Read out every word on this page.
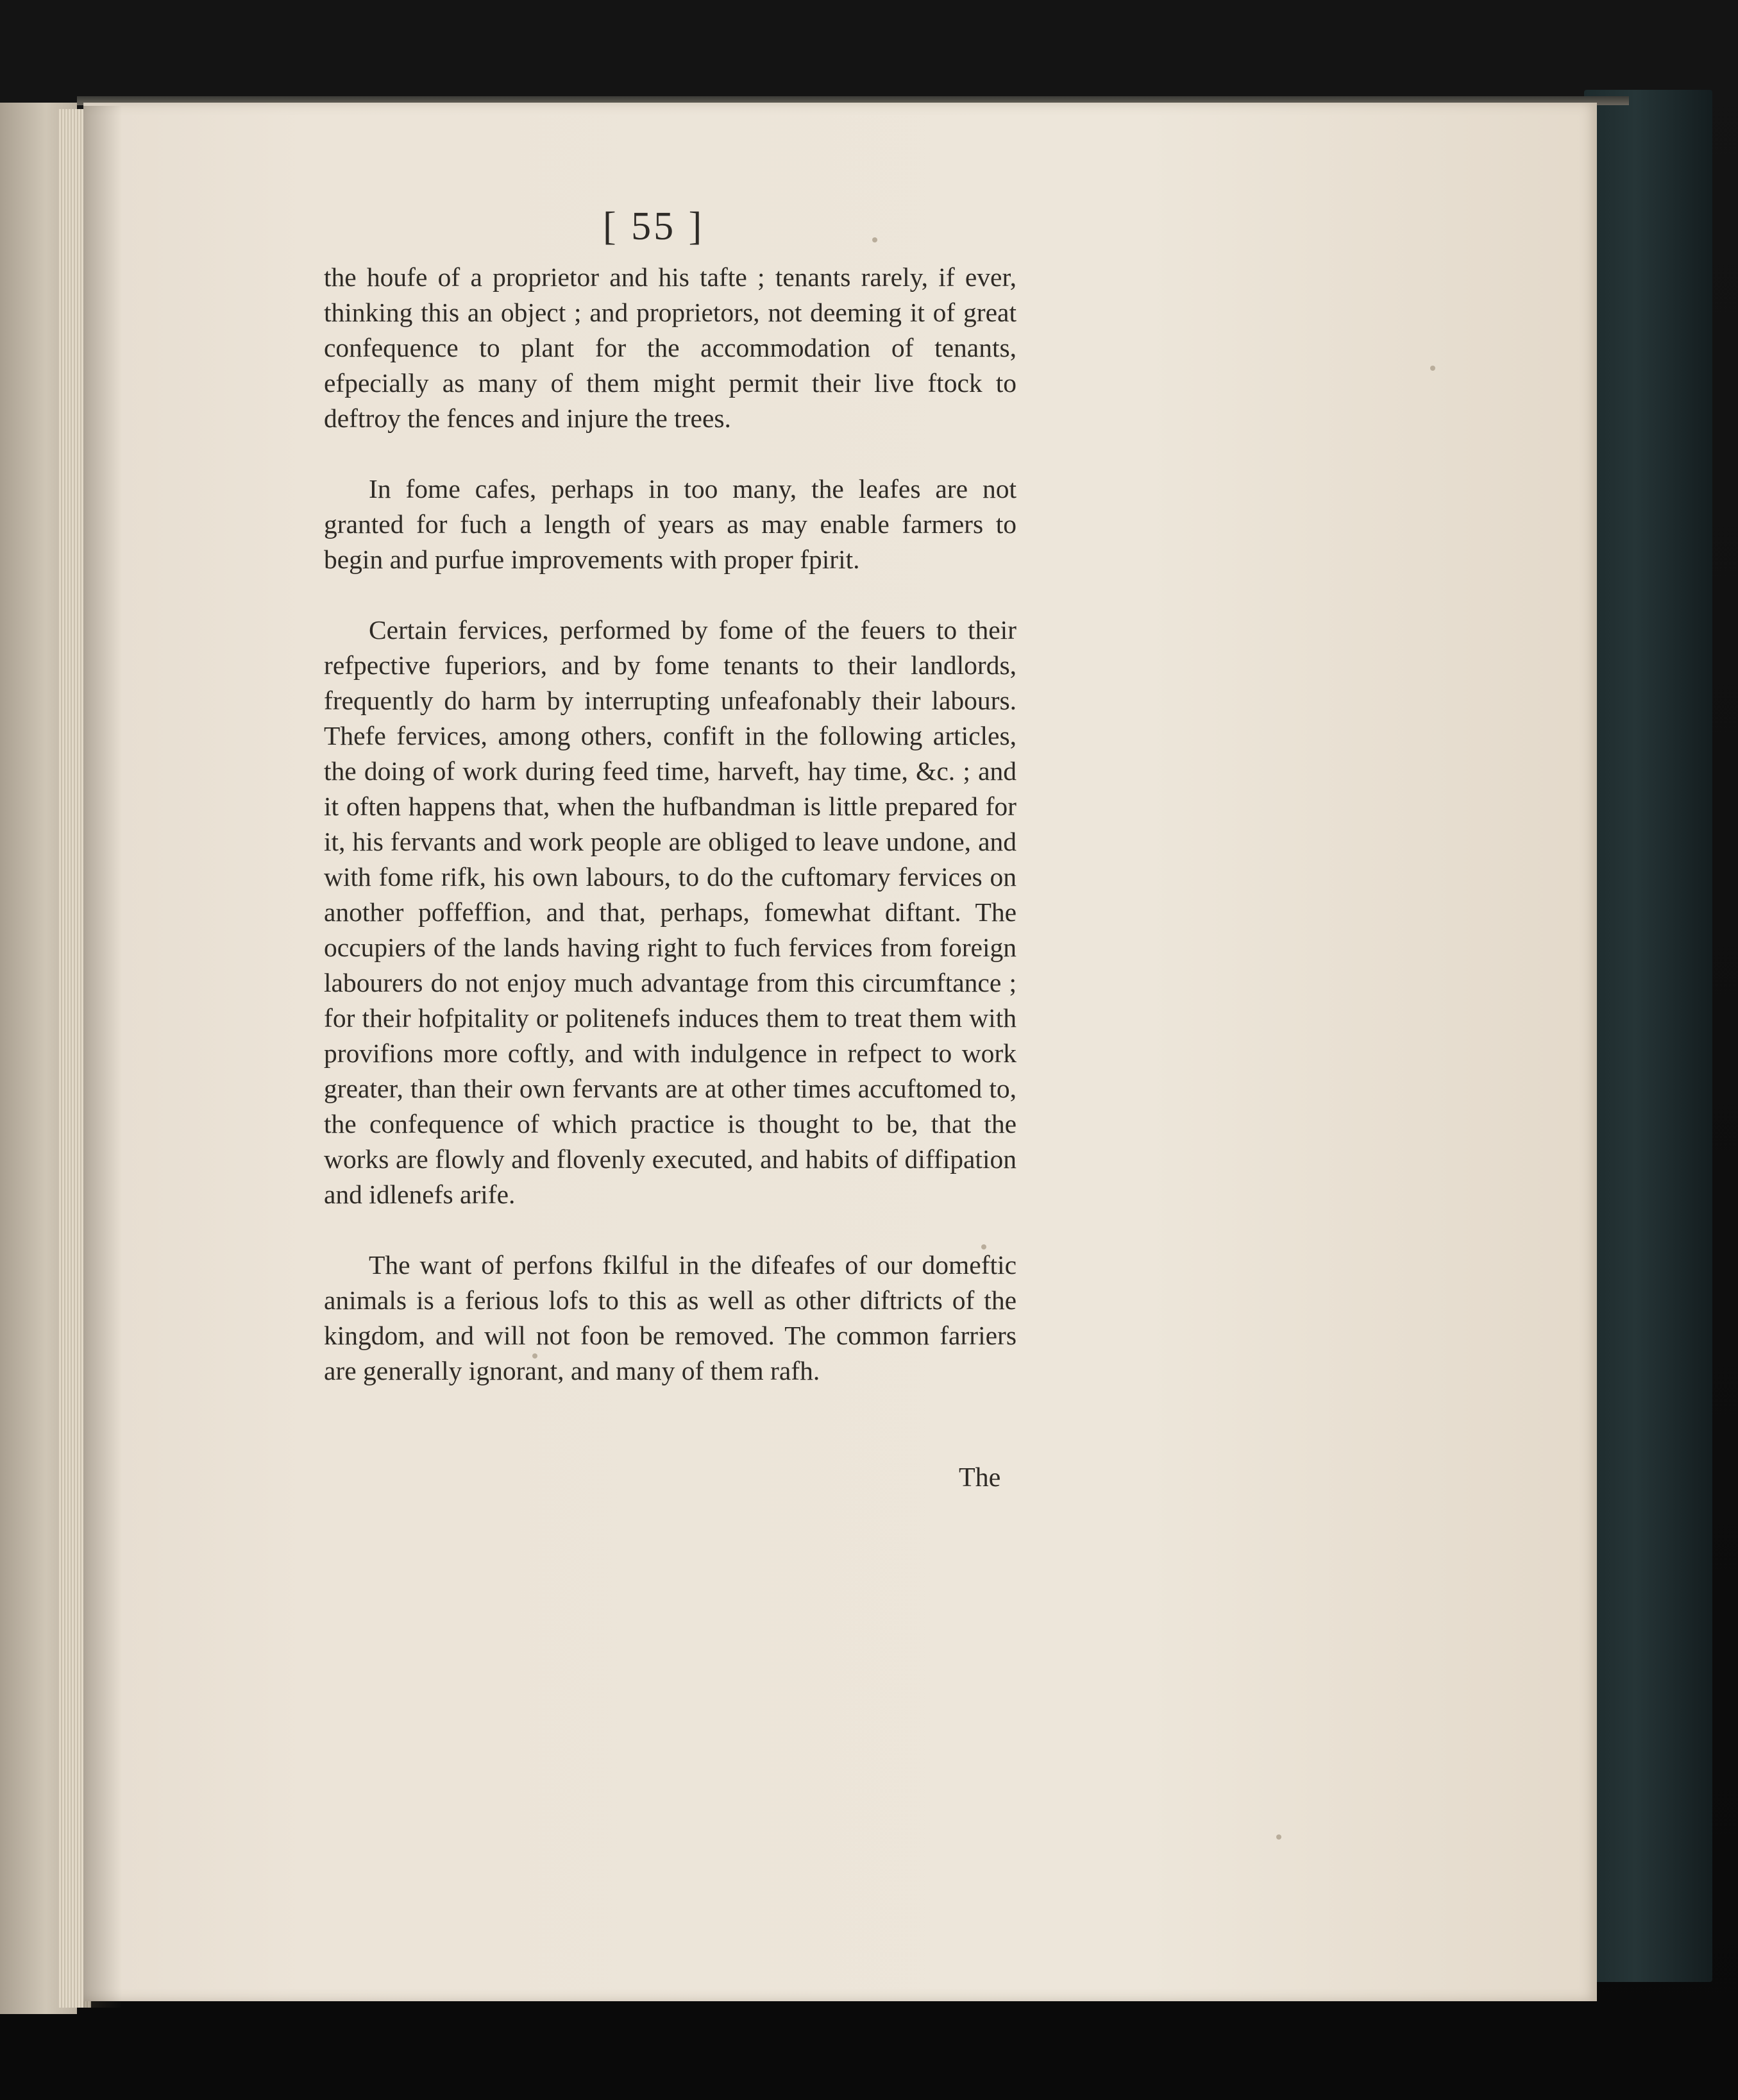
[ 55 ]

the houfe of a proprietor and his tafte ; tenants rarely, if ever, thinking this an object ; and proprietors, not deeming it of great confequence to plant for the accommodation of tenants, efpecially as many of them might permit their live ftock to deftroy the fences and injure the trees.

In fome cafes, perhaps in too many, the leafes are not granted for fuch a length of years as may enable farmers to begin and purfue improvements with proper fpirit.

Certain fervices, performed by fome of the feuers to their refpective fuperiors, and by fome tenants to their landlords, frequently do harm by interrupting unfeafonably their labours. Thefe fervices, among others, confift in the following articles, the doing of work during feed time, harveft, hay time, &c. ; and it often happens that, when the hufbandman is little prepared for it, his fervants and work people are obliged to leave undone, and with fome rifk, his own labours, to do the cuftomary fervices on another poffeffion, and that, perhaps, fomewhat diftant. The occupiers of the lands having right to fuch fervices from foreign labourers do not enjoy much advantage from this circumftance ; for their hofpitality or politenefs induces them to treat them with provifions more coftly, and with indulgence in refpect to work greater, than their own fervants are at other times accuftomed to, the confequence of which practice is thought to be, that the works are flowly and flovenly executed, and habits of diffipation and idlenefs arife.

The want of perfons fkilful in the difeafes of our domeftic animals is a ferious lofs to this as well as other diftricts of the kingdom, and will not foon be removed. The common farriers are generally ignorant, and many of them rafh.

The
